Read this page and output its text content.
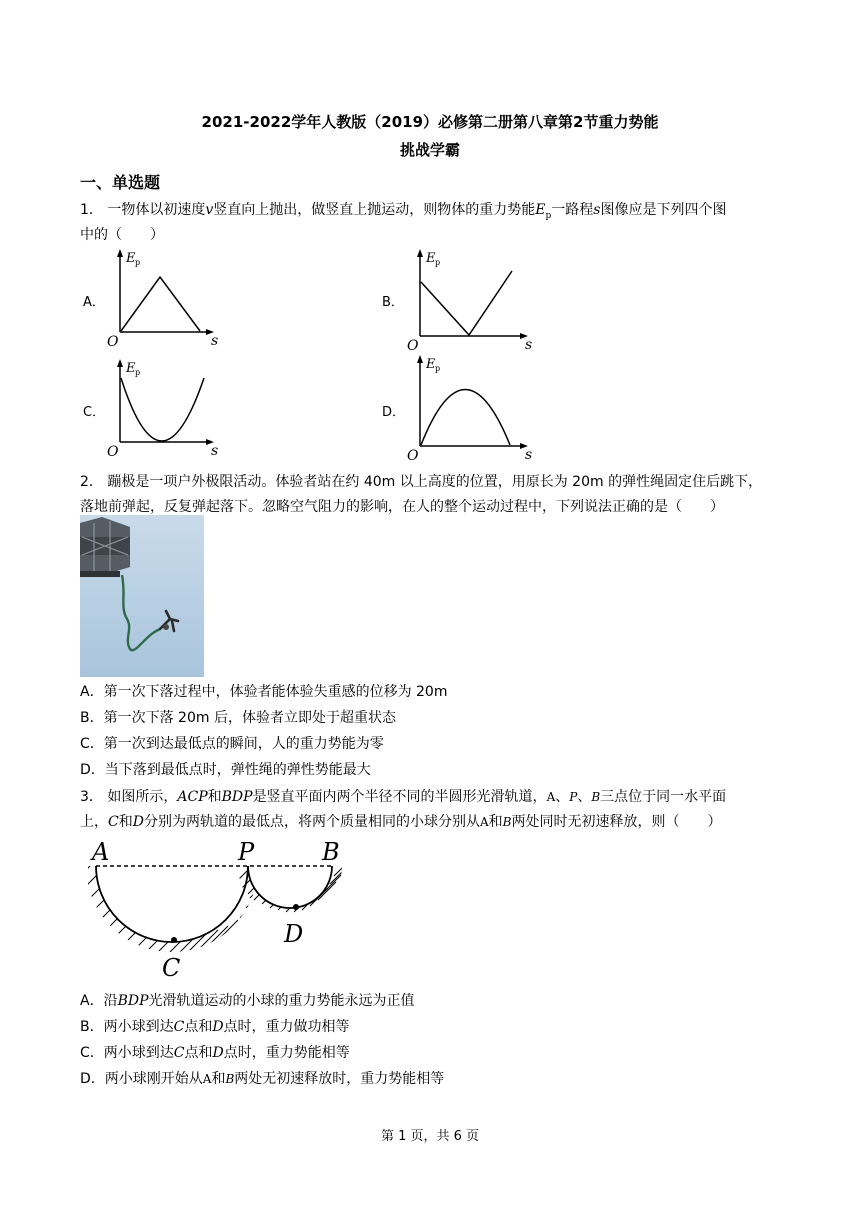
2021-2022学年人教版（2019）必修第二册第八章第2节重力势能
挑战学霸
一、单选题
1． 一物体以初速度v竖直向上抛出，做竖直上抛运动，则物体的重力势能$E_p$一路程s图像应是下列四个图
中的（　　）
A．	B．
C．	D．
E p
O	s
E p
O	s
E p
O	s
E p
O	s
2． 蹦极是一项户外极限活动。体验者站在约 40m 以上高度的位置，用原长为 20m 的弹性绳固定住后跳下，
落地前弹起，反复弹起落下。忽略空气阻力的影响，在人的整个运动过程中，下列说法正确的是（　　）
A．第一次下落过程中，体验者能体验失重感的位移为 20m
B．第一次下落 20m 后，体验者立即处于超重状态
C．第一次到达最低点的瞬间，人的重力势能为零
D．当下落到最低点时，弹性绳的弹性势能最大
3． 如图所示，ACP和BDP是竖直平面内两个半径不同的半圆形光滑轨道，A、P、B三点位于同一水平面
上，C和D分别为两轨道的最低点，将两个质量相同的小球分别从A和B两处同时无初速释放，则（　　）
A	P	B
C
D
A．沿BDP光滑轨道运动的小球的重力势能永远为正值
B．两小球到达C点和D点时，重力做功相等
C．两小球到达C点和D点时，重力势能相等
D．两小球刚开始从A和B两处无初速释放时，重力势能相等
第 1 页，共 6 页
